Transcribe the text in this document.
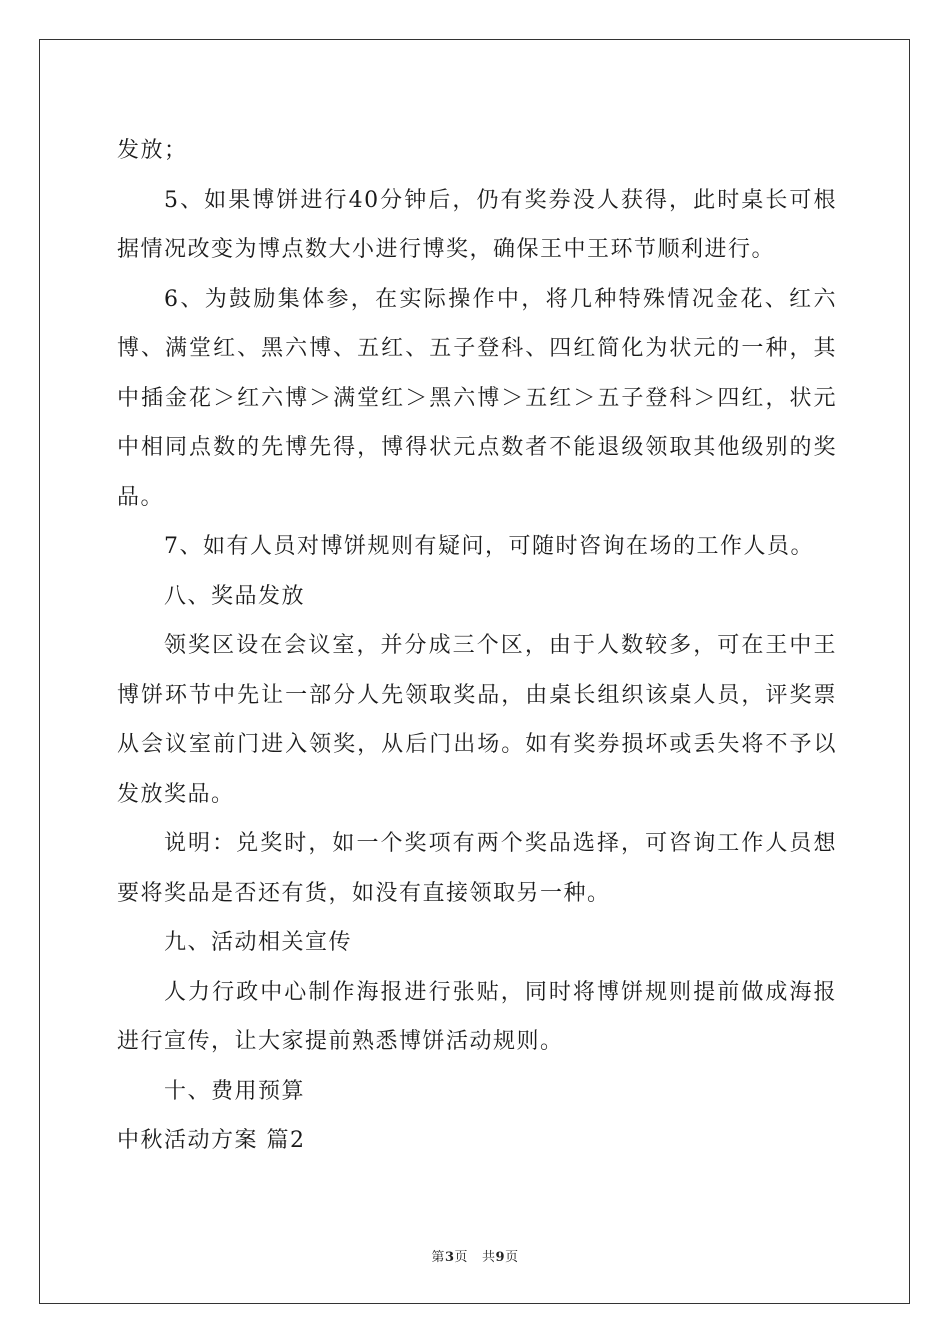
发放；

5、如果博饼进行40分钟后，仍有奖券没人获得，此时桌长可根据情况改变为博点数大小进行博奖，确保王中王环节顺利进行。

6、为鼓励集体参，在实际操作中，将几种特殊情况金花、红六博、满堂红、黑六博、五红、五子登科、四红简化为状元的一种，其中插金花＞红六博＞满堂红＞黑六博＞五红＞五子登科＞四红，状元中相同点数的先博先得，博得状元点数者不能退级领取其他级别的奖品。

7、如有人员对博饼规则有疑问，可随时咨询在场的工作人员。

八、奖品发放

领奖区设在会议室，并分成三个区，由于人数较多，可在王中王博饼环节中先让一部分人先领取奖品，由桌长组织该桌人员，评奖票从会议室前门进入领奖，从后门出场。如有奖券损坏或丢失将不予以发放奖品。

说明：兑奖时，如一个奖项有两个奖品选择，可咨询工作人员想要将奖品是否还有货，如没有直接领取另一种。

九、活动相关宣传

人力行政中心制作海报进行张贴，同时将博饼规则提前做成海报进行宣传，让大家提前熟悉博饼活动规则。

十、费用预算

中秋活动方案 篇2

第3页 共9页
